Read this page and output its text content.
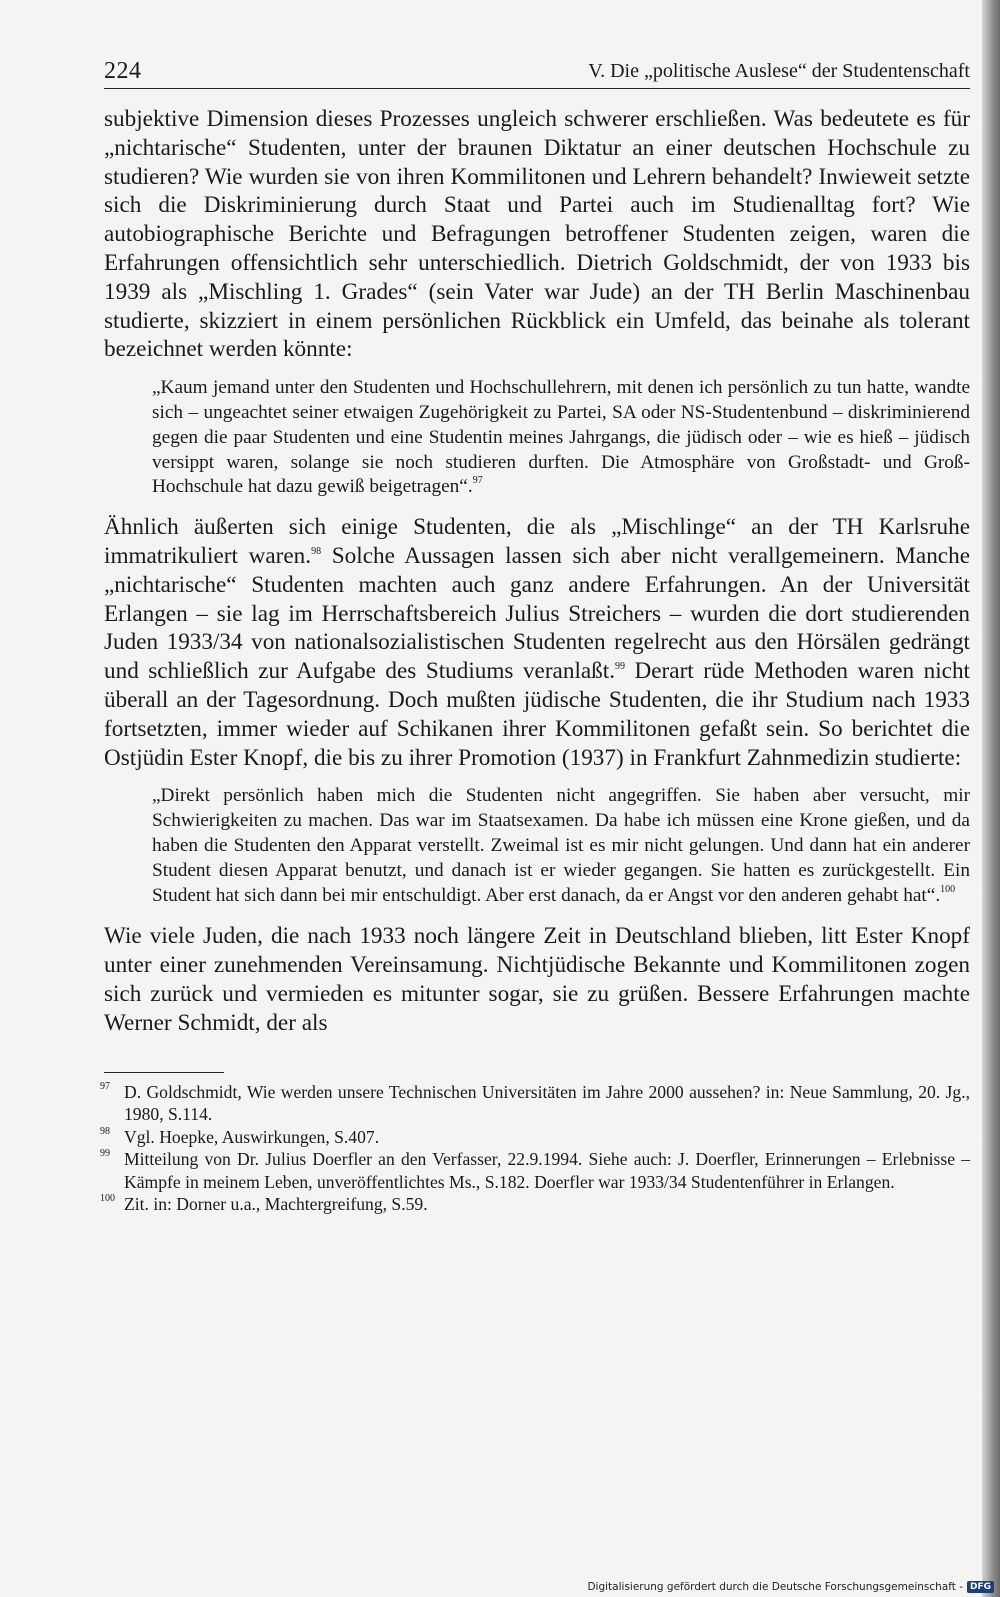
224	V. Die „politische Auslese“ der Studentenschaft

subjektive Dimension dieses Prozesses ungleich schwerer erschließen. Was bedeutete es für „nichtarische“ Studenten, unter der braunen Diktatur an einer deutschen Hochschule zu studieren? Wie wurden sie von ihren Kommilitonen und Lehrern behandelt? Inwieweit setzte sich die Diskriminierung durch Staat und Partei auch im Studienalltag fort? Wie autobiographische Berichte und Befragungen betroffener Studenten zeigen, waren die Erfahrungen offensichtlich sehr unterschiedlich. Dietrich Goldschmidt, der von 1933 bis 1939 als „Mischling 1. Grades“ (sein Vater war Jude) an der TH Berlin Maschinenbau studierte, skizziert in einem persönlichen Rückblick ein Umfeld, das beinahe als tolerant bezeichnet werden könnte:

„Kaum jemand unter den Studenten und Hochschullehrern, mit denen ich persönlich zu tun hatte, wandte sich – ungeachtet seiner etwaigen Zugehörigkeit zu Partei, SA oder NS-Studentenbund – diskriminierend gegen die paar Studenten und eine Studentin meines Jahrgangs, die jüdisch oder – wie es hieß – jüdisch versippt waren, solange sie noch studieren durften. Die Atmosphäre von Großstadt- und Groß-Hochschule hat dazu gewiß beigetragen“.$^{97}$

Ähnlich äußerten sich einige Studenten, die als „Mischlinge“ an der TH Karlsruhe immatrikuliert waren.$^{98}$ Solche Aussagen lassen sich aber nicht verallgemeinern. Manche „nichtarische“ Studenten machten auch ganz andere Erfahrungen. An der Universität Erlangen – sie lag im Herrschaftsbereich Julius Streichers – wurden die dort studierenden Juden 1933/34 von nationalsozialistischen Studenten regelrecht aus den Hörsälen gedrängt und schließlich zur Aufgabe des Studiums veranlaßt.$^{99}$ Derart rüde Methoden waren nicht überall an der Tagesordnung. Doch mußten jüdische Studenten, die ihr Studium nach 1933 fortsetzten, immer wieder auf Schikanen ihrer Kommilitonen gefaßt sein. So berichtet die Ostjüdin Ester Knopf, die bis zu ihrer Promotion (1937) in Frankfurt Zahnmedizin studierte:

„Direkt persönlich haben mich die Studenten nicht angegriffen. Sie haben aber versucht, mir Schwierigkeiten zu machen. Das war im Staatsexamen. Da habe ich müssen eine Krone gießen, und da haben die Studenten den Apparat verstellt. Zweimal ist es mir nicht gelungen. Und dann hat ein anderer Student diesen Apparat benutzt, und danach ist er wieder gegangen. Sie hatten es zurückgestellt. Ein Student hat sich dann bei mir entschuldigt. Aber erst danach, da er Angst vor den anderen gehabt hat“.$^{100}$

Wie viele Juden, die nach 1933 noch längere Zeit in Deutschland blieben, litt Ester Knopf unter einer zunehmenden Vereinsamung. Nichtjüdische Bekannte und Kommilitonen zogen sich zurück und vermieden es mitunter sogar, sie zu grüßen. Bessere Erfahrungen machte Werner Schmidt, der als

97 D. Goldschmidt, Wie werden unsere Technischen Universitäten im Jahre 2000 aussehen? in: Neue Sammlung, 20. Jg., 1980, S.114.
98 Vgl. Hoepke, Auswirkungen, S.407.
99 Mitteilung von Dr. Julius Doerfler an den Verfasser, 22.9.1994. Siehe auch: J. Doerfler, Erinnerungen – Erlebnisse – Kämpfe in meinem Leben, unveröffentlichtes Ms., S.182. Doerfler war 1933/34 Studentenführer in Erlangen.
100 Zit. in: Dorner u.a., Machtergreifung, S.59.
Digitalisierung gefördert durch die Deutsche Forschungsgemeinschaft - DFG
